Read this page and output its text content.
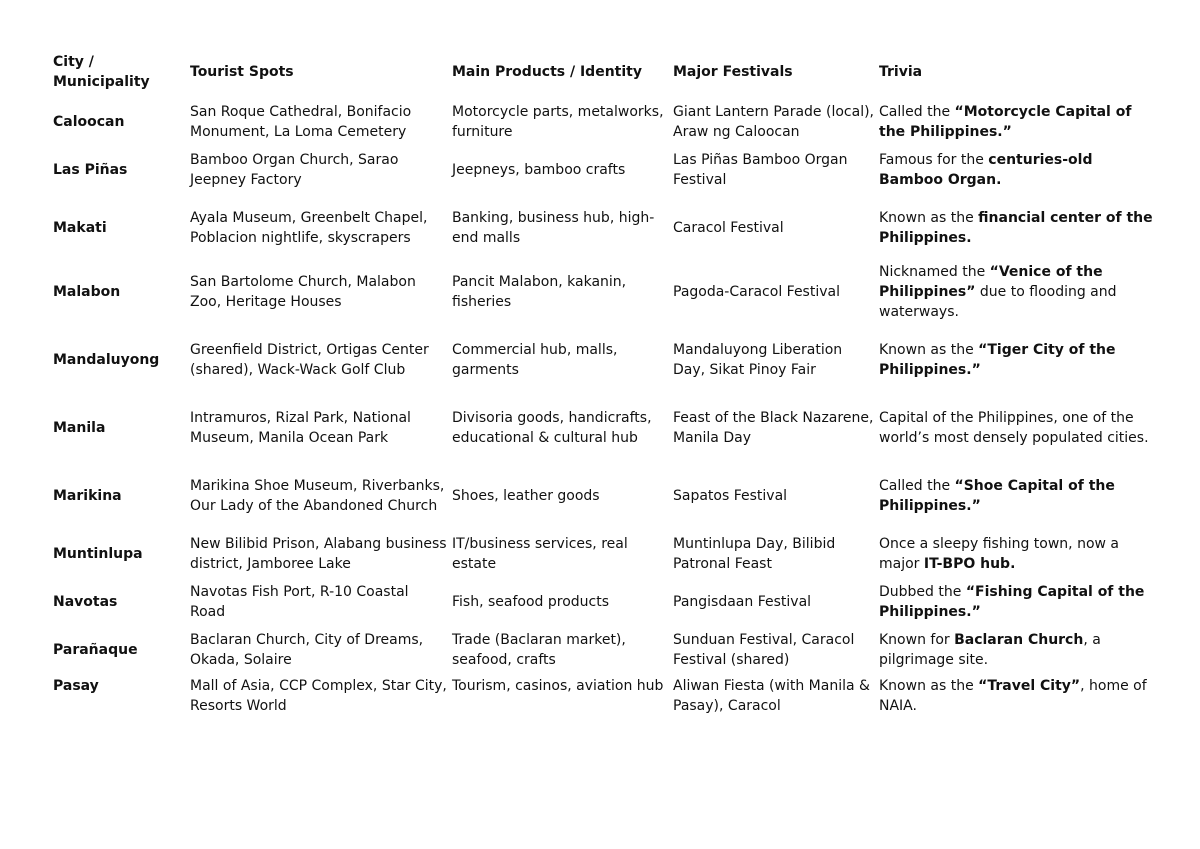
City / Municipality	Tourist Spots	Main Products / Identity	Major Festivals	Trivia
Caloocan	San Roque Cathedral, Bonifacio Monument, La Loma Cemetery	Motorcycle parts, metalworks, furniture	Giant Lantern Parade (local), Araw ng Caloocan	Called the “Motorcycle Capital of the Philippines.”
Las Piñas	Bamboo Organ Church, Sarao Jeepney Factory	Jeepneys, bamboo crafts	Las Piñas Bamboo Organ Festival	Famous for the centuries-old Bamboo Organ.
Makati	Ayala Museum, Greenbelt Chapel, Poblacion nightlife, skyscrapers	Banking, business hub, high-end malls	Caracol Festival	Known as the financial center of the Philippines.
Malabon	San Bartolome Church, Malabon Zoo, Heritage Houses	Pancit Malabon, kakanin, fisheries	Pagoda-Caracol Festival	Nicknamed the “Venice of the Philippines” due to flooding and waterways.
Mandaluyong	Greenfield District, Ortigas Center (shared), Wack-Wack Golf Club	Commercial hub, malls, garments	Mandaluyong Liberation Day, Sikat Pinoy Fair	Known as the “Tiger City of the Philippines.”
Manila	Intramuros, Rizal Park, National Museum, Manila Ocean Park	Divisoria goods, handicrafts, educational & cultural hub	Feast of the Black Nazarene, Manila Day	Capital of the Philippines, one of the world’s most densely populated cities.
Marikina	Marikina Shoe Museum, Riverbanks, Our Lady of the Abandoned Church	Shoes, leather goods	Sapatos Festival	Called the “Shoe Capital of the Philippines.”
Muntinlupa	New Bilibid Prison, Alabang business district, Jamboree Lake	IT/business services, real estate	Muntinlupa Day, Bilibid Patronal Feast	Once a sleepy fishing town, now a major IT-BPO hub.
Navotas	Navotas Fish Port, R-10 Coastal Road	Fish, seafood products	Pangisdaan Festival	Dubbed the “Fishing Capital of the Philippines.”
Parañaque	Baclaran Church, City of Dreams, Okada, Solaire	Trade (Baclaran market), seafood, crafts	Sunduan Festival, Caracol Festival (shared)	Known for Baclaran Church, a pilgrimage site.
Pasay	Mall of Asia, CCP Complex, Star City, Resorts World	Tourism, casinos, aviation hub	Aliwan Fiesta (with Manila & Pasay), Caracol	Known as the “Travel City”, home of NAIA.
